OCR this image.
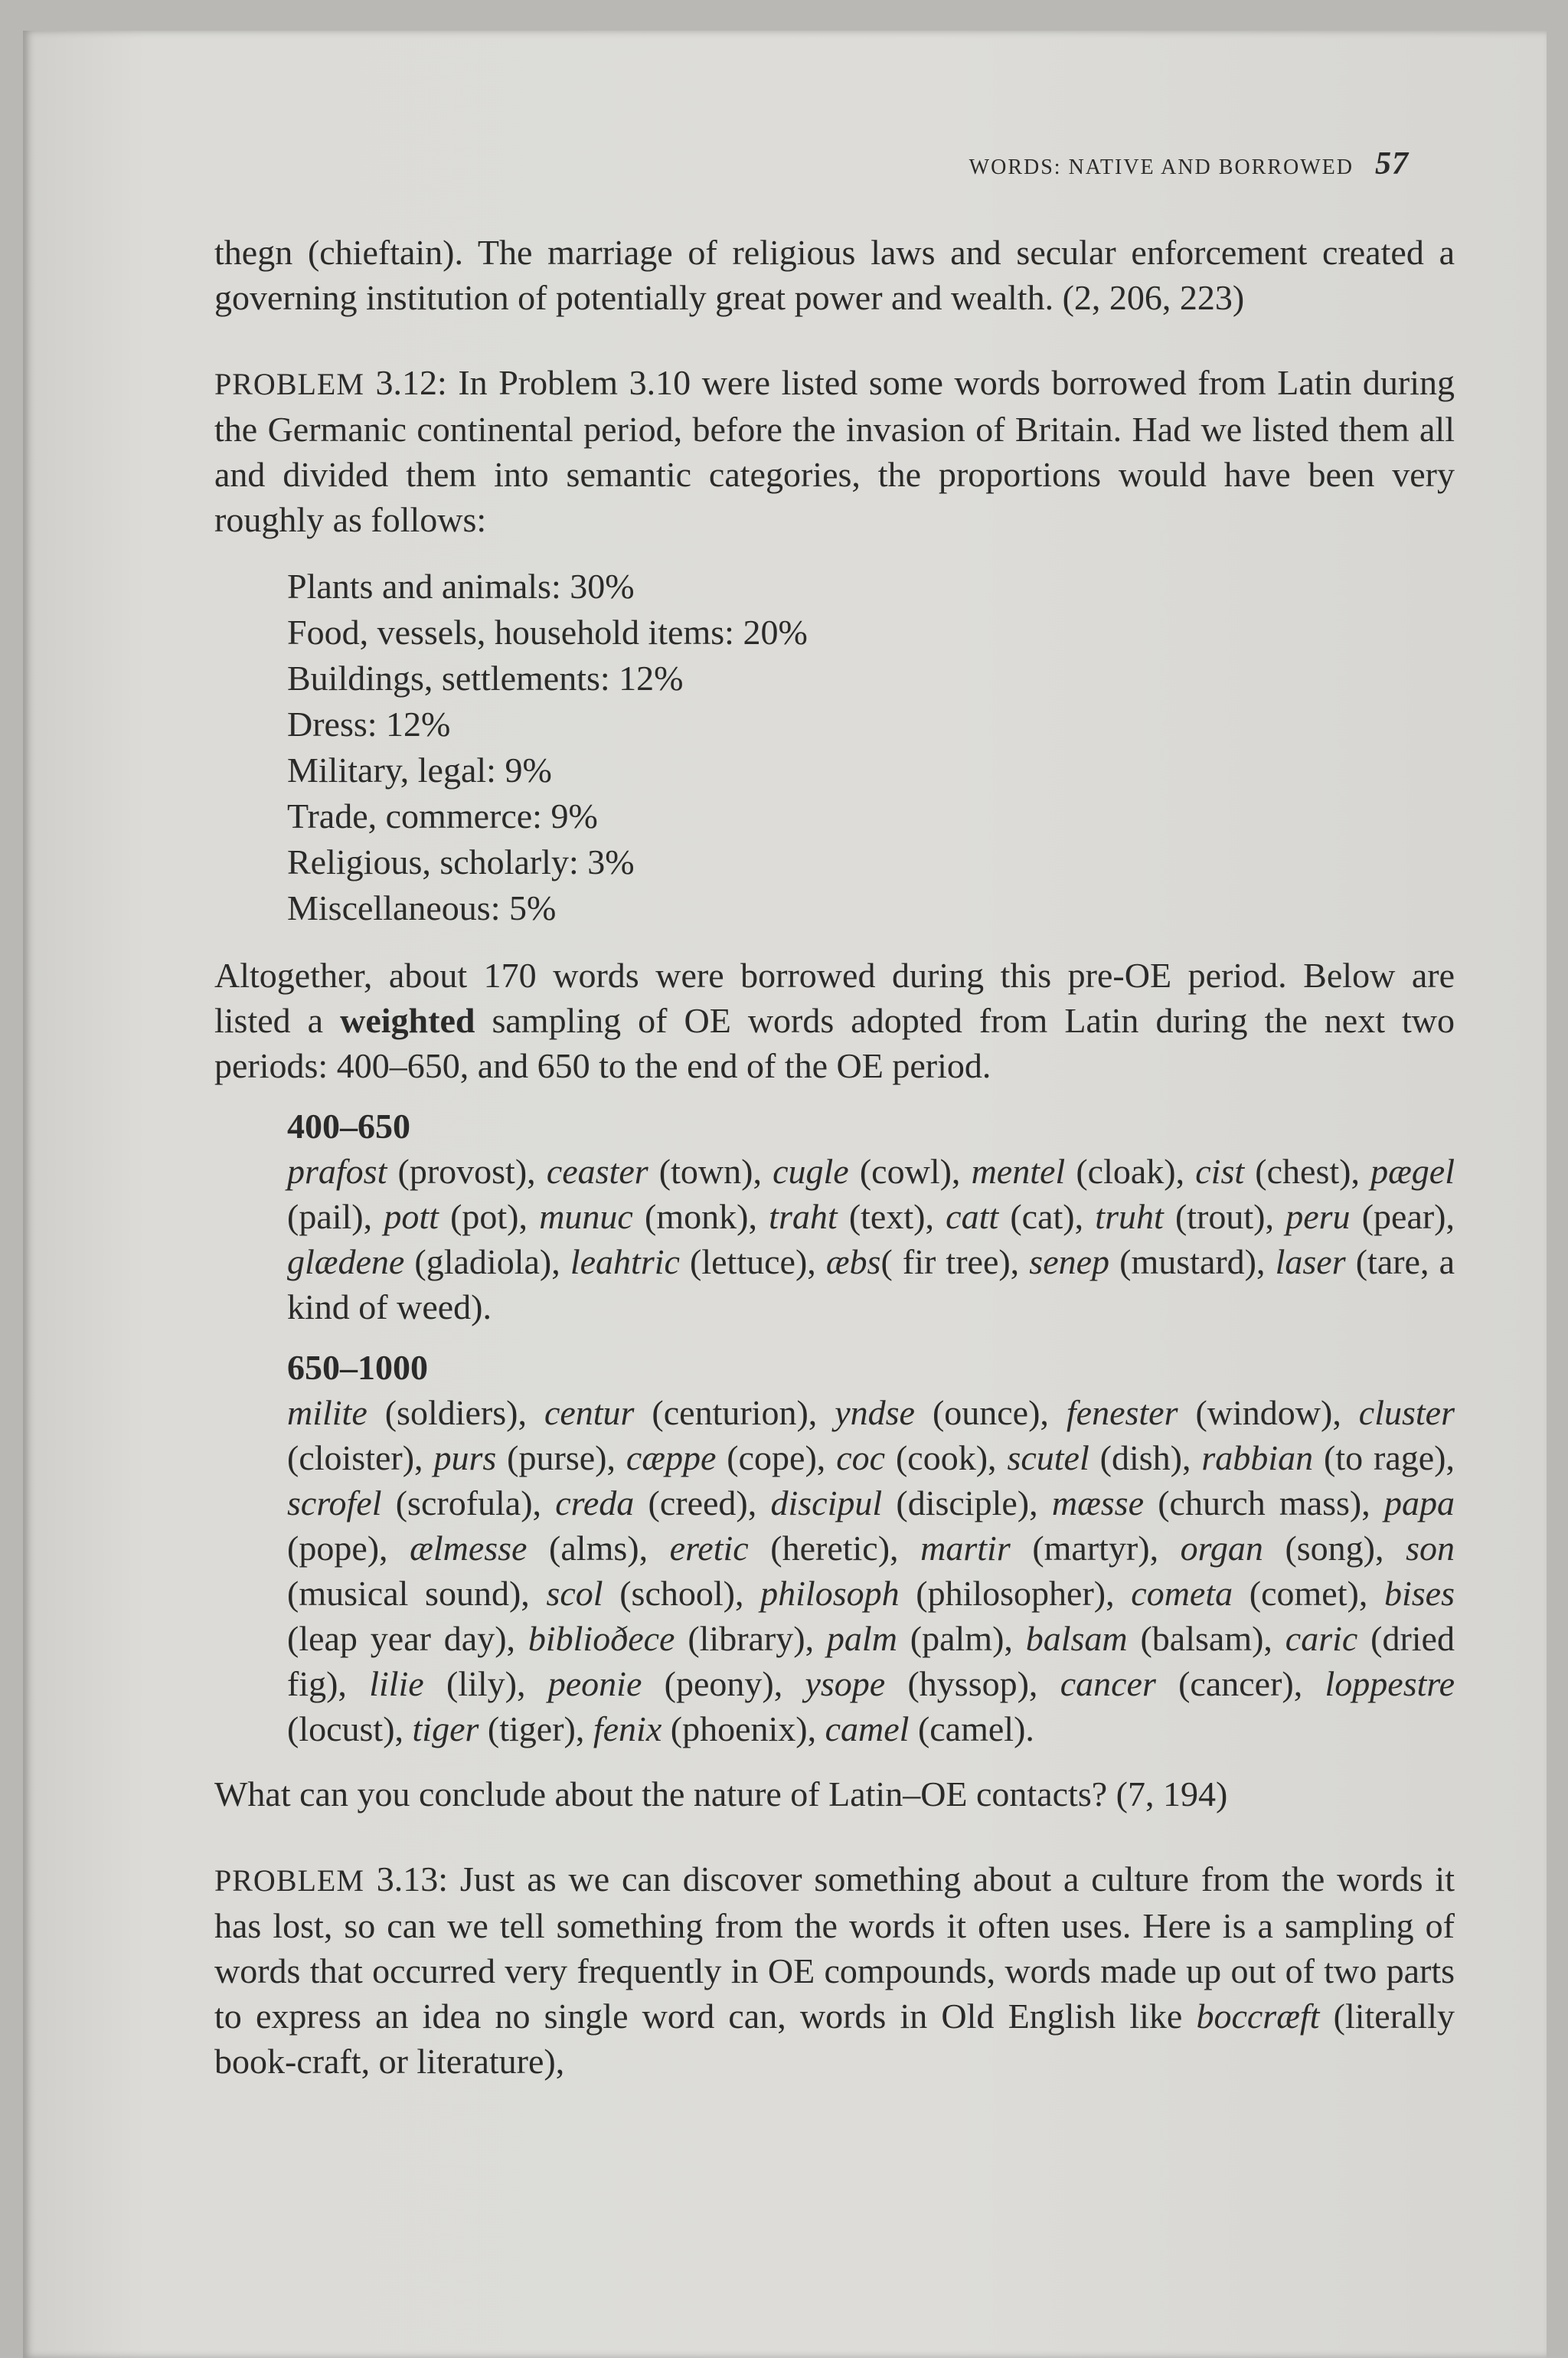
WORDS: NATIVE AND BORROWED 57

thegn (chieftain). The marriage of religious laws and secular enforcement created a governing institution of potentially great power and wealth. (2, 206, 223)

PROBLEM 3.12: In Problem 3.10 were listed some words borrowed from Latin during the Germanic continental period, before the invasion of Britain. Had we listed them all and divided them into semantic categories, the proportions would have been very roughly as follows:

Plants and animals: 30%
Food, vessels, household items: 20%
Buildings, settlements: 12%
Dress: 12%
Military, legal: 9%
Trade, commerce: 9%
Religious, scholarly: 3%
Miscellaneous: 5%

Altogether, about 170 words were borrowed during this pre-OE period. Below are listed a weighted sampling of OE words adopted from Latin during the next two periods: 400–650, and 650 to the end of the OE period.

400–650
prafost (provost), ceaster (town), cugle (cowl), mentel (cloak), cist (chest), pægel (pail), pott (pot), munuc (monk), traht (text), catt (cat), truht (trout), peru (pear), glædene (gladiola), leahtric (lettuce), æbs( fir tree), senep (mustard), laser (tare, a kind of weed).
650–1000
milite (soldiers), centur (centurion), yndse (ounce), fenester (window), cluster (cloister), purs (purse), cæppe (cope), coc (cook), scutel (dish), rabbian (to rage), scrofel (scrofula), creda (creed), discipul (disciple), mæsse (church mass), papa (pope), ælmesse (alms), eretic (heretic), martir (martyr), organ (song), son (musical sound), scol (school), philosoph (philosopher), cometa (comet), bises (leap year day), biblioðece (library), palm (palm), balsam (balsam), caric (dried fig), lilie (lily), peonie (peony), ysope (hyssop), cancer (cancer), loppestre (locust), tiger (tiger), fenix (phoenix), camel (camel).

What can you conclude about the nature of Latin–OE contacts? (7, 194)

PROBLEM 3.13: Just as we can discover something about a culture from the words it has lost, so can we tell something from the words it often uses. Here is a sampling of words that occurred very frequently in OE compounds, words made up out of two parts to express an idea no single word can, words in Old English like boccræft (literally book-craft, or literature),
